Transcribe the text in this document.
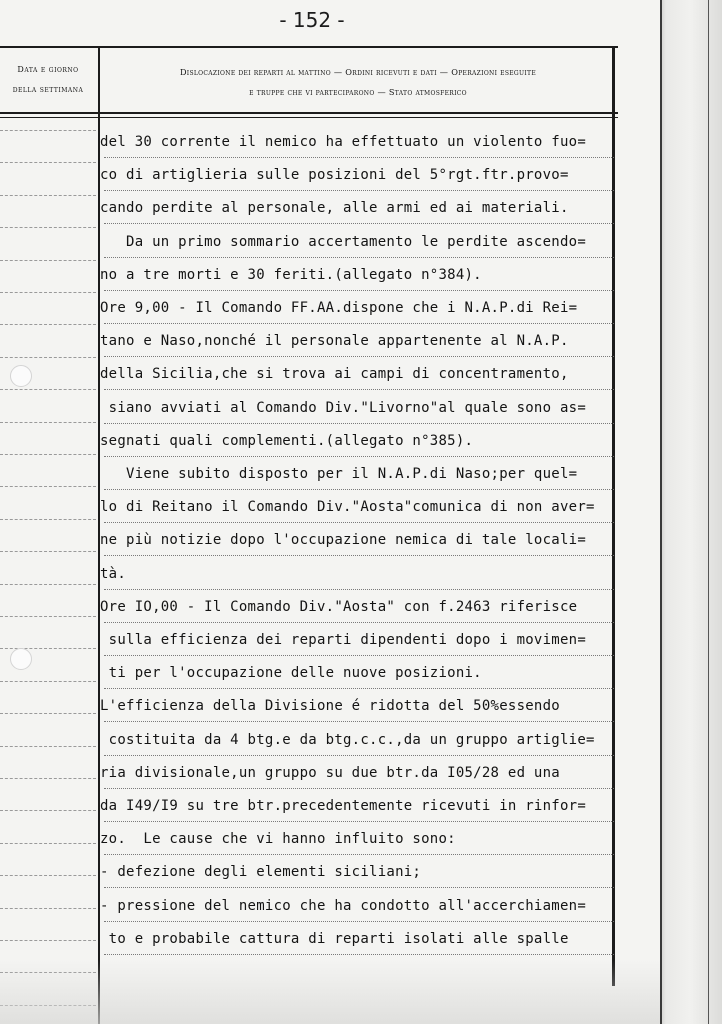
- 152 -
Data e giorno
della settimana
Dislocazione dei reparti al mattino — Ordini ricevuti e dati — Operazioni eseguite
e truppe che vi parteciparono — Stato atmosferico
del 30 corrente il nemico ha effettuato un violento fuo=
co di artiglieria sulle posizioni del 5°rgt.ftr.provo=
cando perdite al personale, alle armi ed ai materiali.
Da un primo sommario accertamento le perdite ascendo=
no a tre morti e 30 feriti.(allegato n°384).
Ore 9,00 - Il Comando FF.AA.dispone che i N.A.P.di Rei=
tano e Naso,nonché il personale appartenente al N.A.P.
della Sicilia,che si trova ai campi di concentramento,
siano avviati al Comando Div."Livorno"al quale sono as=
segnati quali complementi.(allegato n°385).
Viene subito disposto per il N.A.P.di Naso;per quel=
lo di Reitano il Comando Div."Aosta"comunica di non aver=
ne più notizie dopo l'occupazione nemica di tale locali=
tà.
Ore IO,00 - Il Comando Div."Aosta" con f.2463 riferisce
sulla efficienza dei reparti dipendenti dopo i movimen=
ti per l'occupazione delle nuove posizioni.
L'efficienza della Divisione é ridotta del 50%essendo
costituita da 4 btg.e da btg.c.c.,da un gruppo artiglie=
ria divisionale,un gruppo su due btr.da I05/28 ed una
da I49/I9 su tre btr.precedentemente ricevuti in rinfor=
zo.  Le cause che vi hanno influito sono:
- defezione degli elementi siciliani;
- pressione del nemico che ha condotto all'accerchiamen=
to e probabile cattura di reparti isolati alle spalle
